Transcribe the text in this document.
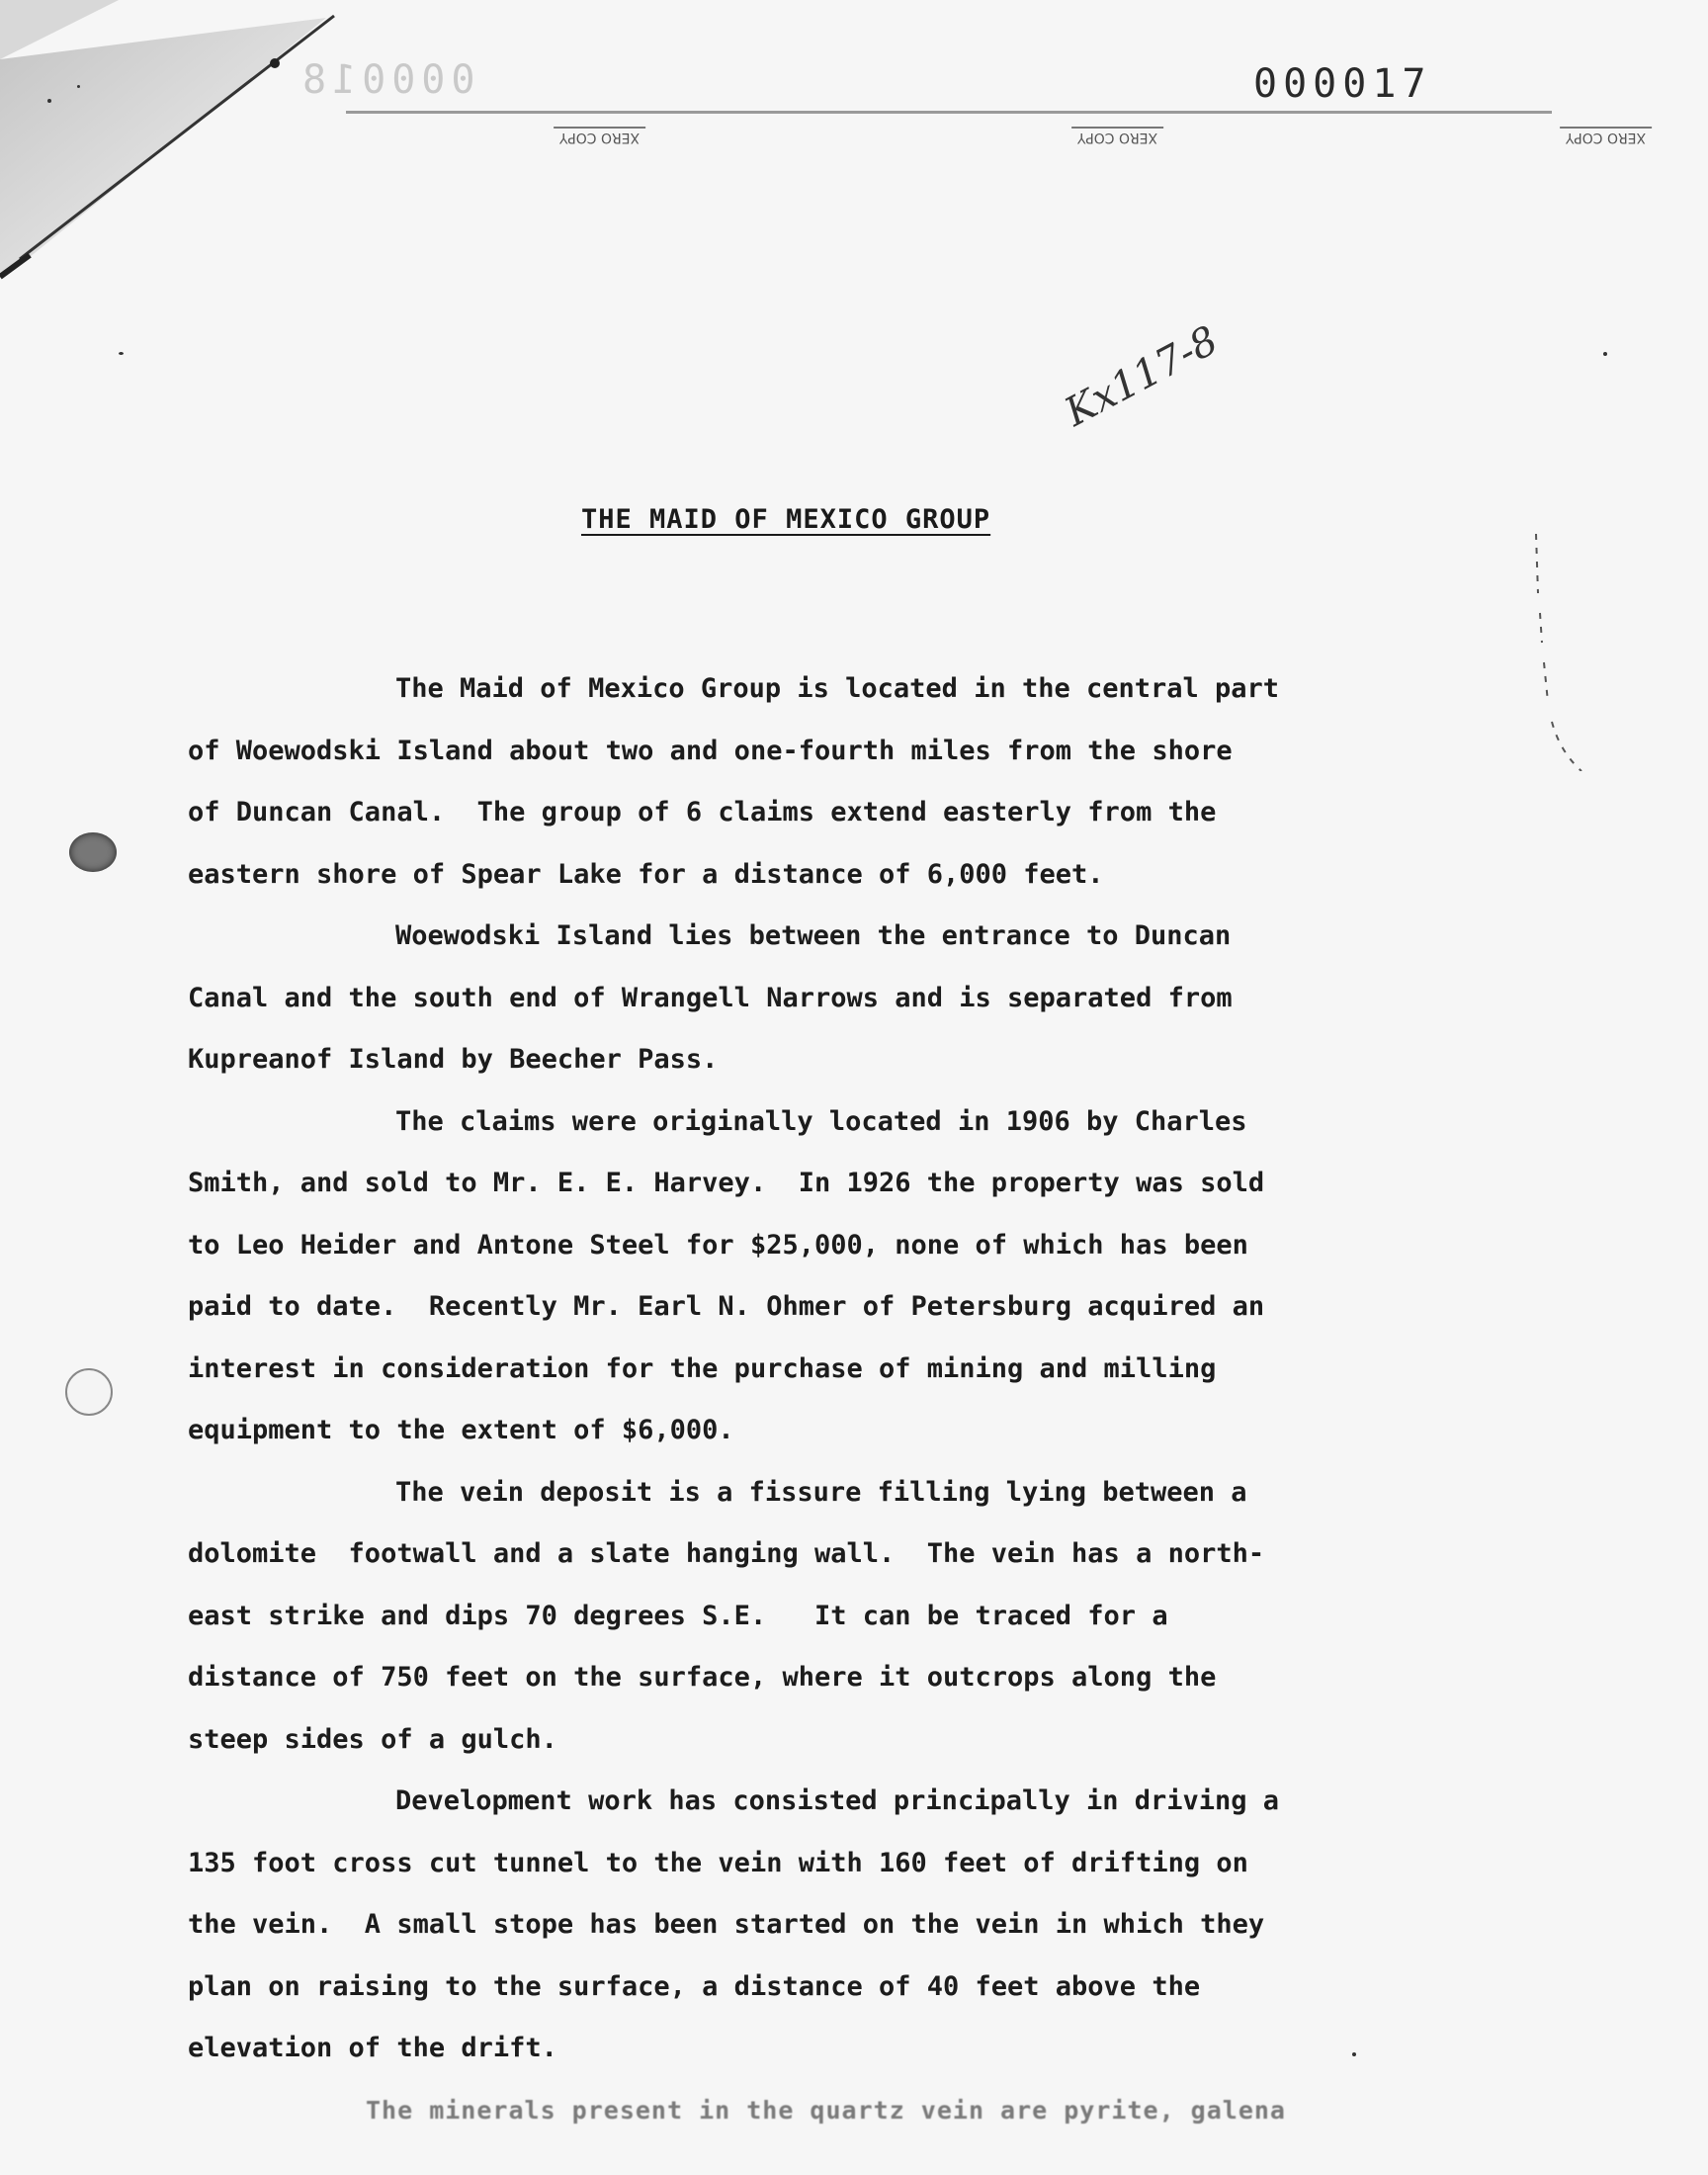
000018	000017
XERO COPY	XERO COPY	XERO COPY
Kx117-8
THE MAID OF MEXICO GROUP

The Maid of Mexico Group is located in the central part

of Woewodski Island about two and one-fourth miles from the shore

of Duncan Canal.  The group of 6 claims extend easterly from the

eastern shore of Spear Lake for a distance of 6,000 feet.

Woewodski Island lies between the entrance to Duncan

Canal and the south end of Wrangell Narrows and is separated from

Kupreanof Island by Beecher Pass.

The claims were originally located in 1906 by Charles

Smith, and sold to Mr. E. E. Harvey.  In 1926 the property was sold

to Leo Heider and Antone Steel for $25,000, none of which has been

paid to date.  Recently Mr. Earl N. Ohmer of Petersburg acquired an

interest in consideration for the purchase of mining and milling

equipment to the extent of $6,000.

The vein deposit is a fissure filling lying between a

dolomite  footwall and a slate hanging wall.  The vein has a north-

east strike and dips 70 degrees S.E.   It can be traced for a

distance of 750 feet on the surface, where it outcrops along the

steep sides of a gulch.

Development work has consisted principally in driving a

135 foot cross cut tunnel to the vein with 160 feet of drifting on

the vein.  A small stope has been started on the vein in which they

plan on raising to the surface, a distance of 40 feet above the

elevation of the drift.

The minerals present in the quartz vein are pyrite, galena
